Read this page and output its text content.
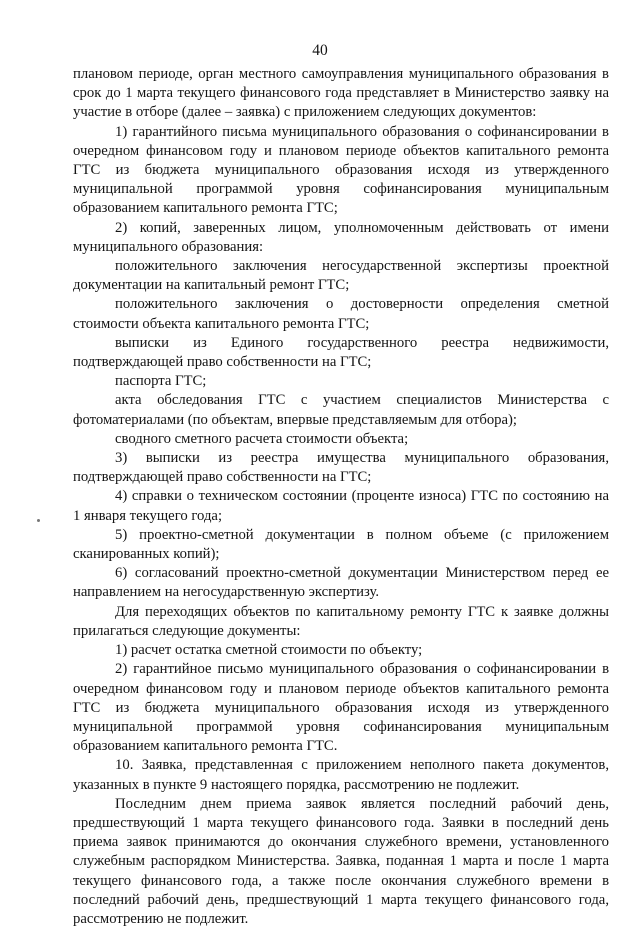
40

плановом периоде, орган местного самоуправления муниципального образования в срок до 1 марта текущего финансового года представляет в Министерство заявку на участие в отборе (далее – заявка) с приложением следующих документов:

1) гарантийного письма муниципального образования о софинансировании в очередном финансовом году и плановом периоде объектов капитального ремонта ГТС из бюджета муниципального образования исходя из утвержденного муниципальной программой уровня софинансирования муниципальным образованием капитального ремонта ГТС;

2) копий, заверенных лицом, уполномоченным действовать от имени муниципального образования:

положительного заключения негосударственной экспертизы проектной документации на капитальный ремонт ГТС;

положительного заключения о достоверности определения сметной стоимости объекта капитального ремонта ГТС;

выписки из Единого государственного реестра недвижимости, подтверждающей право собственности на ГТС;

паспорта ГТС;

акта обследования ГТС с участием специалистов Министерства с фотоматериалами (по объектам, впервые представляемым для отбора);

сводного сметного расчета стоимости объекта;

3) выписки из реестра имущества муниципального образования, подтверждающей право собственности на ГТС;

4) справки о техническом состоянии (проценте износа) ГТС по состоянию на 1 января текущего года;

5) проектно-сметной документации в полном объеме (с приложением сканированных копий);

6) согласований проектно-сметной документации Министерством перед ее направлением на негосударственную экспертизу.

Для переходящих объектов по капитальному ремонту ГТС к заявке должны прилагаться следующие документы:

1) расчет остатка сметной стоимости по объекту;

2) гарантийное письмо муниципального образования о софинансировании в очередном финансовом году и плановом периоде объектов капитального ремонта ГТС из бюджета муниципального образования исходя из утвержденного муниципальной программой уровня софинансирования муниципальным образованием капитального ремонта ГТС.

10. Заявка, представленная с приложением неполного пакета документов, указанных в пункте 9 настоящего порядка, рассмотрению не подлежит.

Последним днем приема заявок является последний рабочий день, предшествующий 1 марта текущего финансового года. Заявки в последний день приема заявок принимаются до окончания служебного времени, установленного служебным распорядком Министерства. Заявка, поданная 1 марта и после 1 марта текущего финансового года, а также после окончания служебного времени в последний рабочий день, предшествующий 1 марта текущего финансового года, рассмотрению не подлежит.
